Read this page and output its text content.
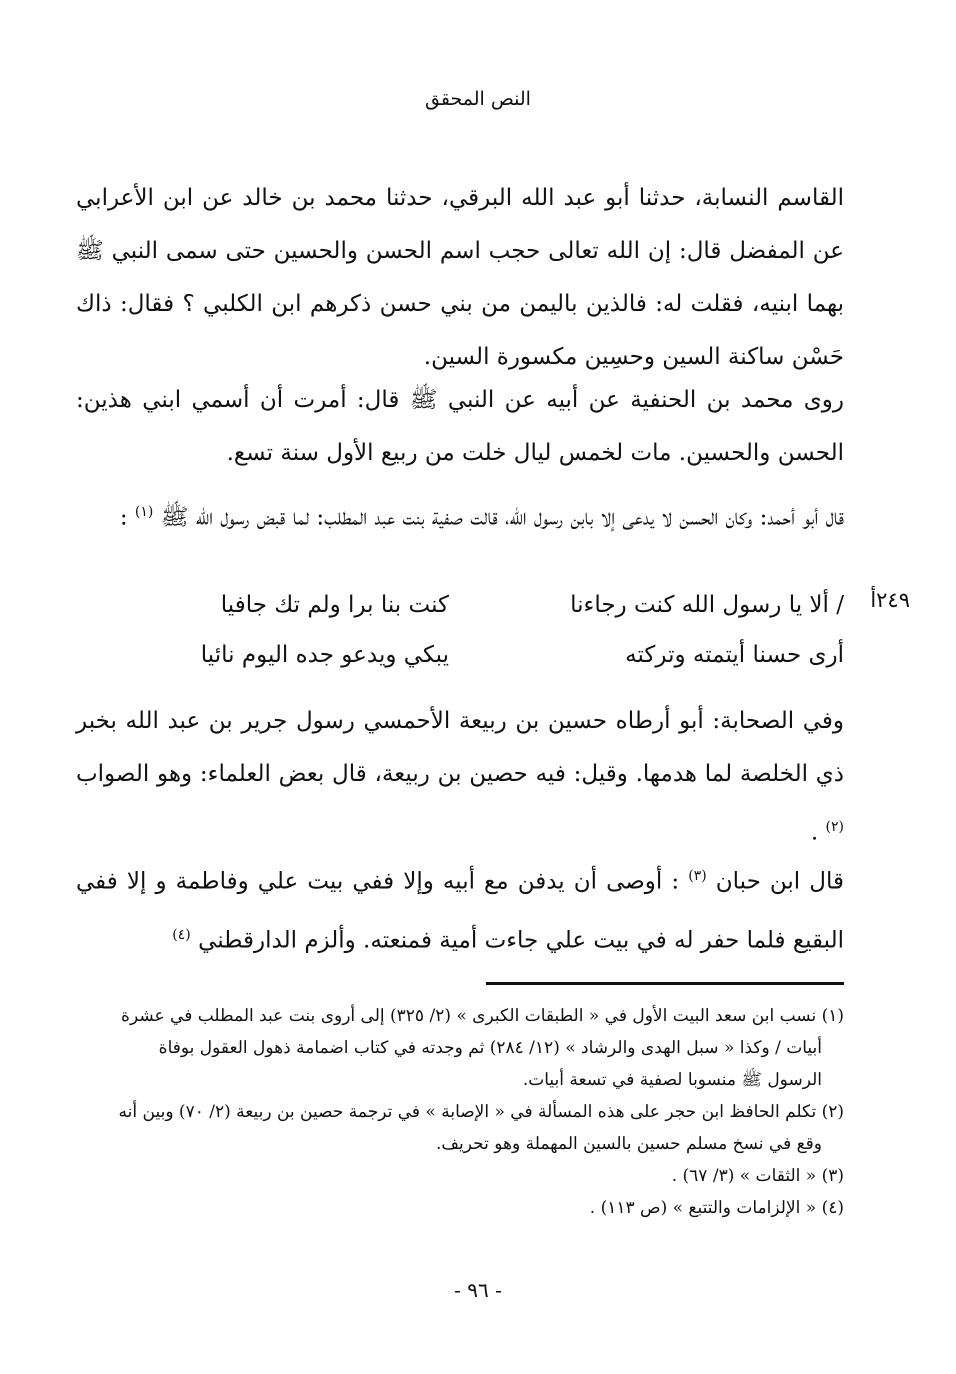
النص المحقق

القاسم النسابة، حدثنا أبو عبد الله البرقي، حدثنا محمد بن خالد عن ابن الأعرابي عن المفضل قال: إن الله تعالى حجب اسم الحسن والحسين حتى سمى النبي ﷺ بهما ابنيه، فقلت له: فالذين باليمن من بني حسن ذكرهم ابن الكلبي ؟ فقال: ذاك حَسْن ساكنة السين وحسِين مكسورة السين.

روى محمد بن الحنفية عن أبيه عن النبي ﷺ قال: أمرت أن أسمي ابني هذين: الحسن والحسين. مات لخمس ليال خلت من ربيع الأول سنة تسع.

قال أبو أحمد: وكان الحسن لا يدعى إلا بابن رسول الله، قالت صفية بنت عبد المطلب: لما قبض رسول الله ﷺ $^{(١)}$ :

٢٤٩أ
/ ألا يا رسول الله كنت رجاءنا
كنت بنا برا ولم تك جافيا
أرى حسنا أيتمته وتركته
يبكي ويدعو جده اليوم نائيا

وفي الصحابة: أبو أرطاه حسين بن ربيعة الأحمسي رسول جرير بن عبد الله بخبر ذي الخلصة لما هدمها. وقيل: فيه حصين بن ربيعة، قال بعض العلماء: وهو الصواب $^{(٢)}$ .

قال ابن حبان $^{(٣)}$ : أوصى أن يدفن مع أبيه وإلا ففي بيت علي وفاطمة و إلا ففي البقيع فلما حفر له في بيت علي جاءت أمية فمنعته. وألزم الدارقطني $^{(٤)}$

(١) نسب ابن سعد البيت الأول في « الطبقات الكبرى » (٢/ ٣٢٥) إلى أروى بنت عبد المطلب في عشرة

أبيات / وكذا « سبل الهدى والرشاد » (١٢/ ٢٨٤) ثم وجدته في كتاب اضمامة ذهول العقول بوفاة

الرسول ﷺ منسوبا لصفية في تسعة أبيات.

(٢) تكلم الحافظ ابن حجر على هذه المسألة في « الإصابة » في ترجمة حصين بن ربيعة (٢/ ٧٠) وبين أنه

وقع في نسخ مسلم حسين بالسين المهملة وهو تحريف.

(٣) « الثقات » (٣/ ٦٧) .

(٤) « الإلزامات والتتبع » (ص ١١٣) .

- ٩٦ -
